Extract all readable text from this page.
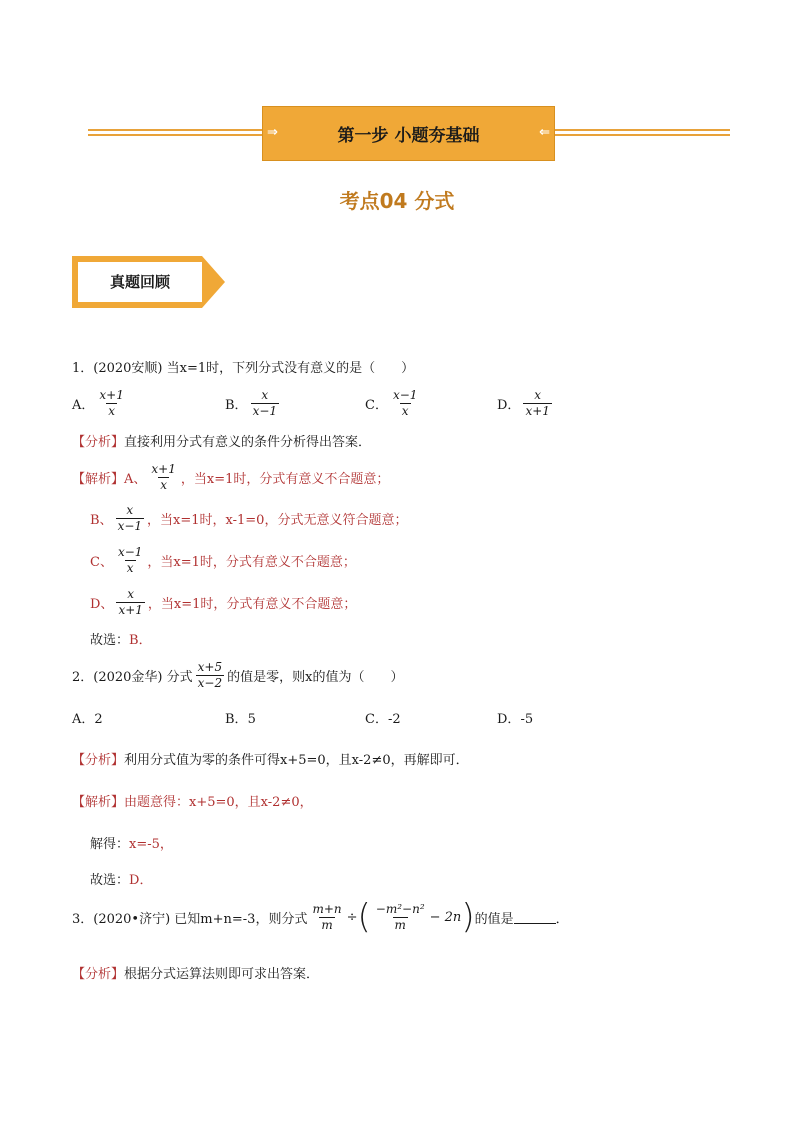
⇒	第一步 小题夯基础	⇐
考点04 分式
真题回顾
1．(2020安顺) 当x=1时，下列分式没有意义的是（　　）
A． $\frac{x+1}{x}$	B． $\frac{x}{x-1}$	C． $\frac{x-1}{x}$	D． $\frac{x}{x+1}$
【分析】直接利用分式有意义的条件分析得出答案．
【解析】 A、 $\frac{x+1}{x}$ ，当x=1时，分式有意义不合题意；
B、 $\frac{x}{x-1}$ ，当x=1时，x-1=0，分式无意义符合题意；
C、 $\frac{x-1}{x}$ ，当x=1时，分式有意义不合题意；
D、 $\frac{x}{x+1}$ ，当x=1时，分式有意义不合题意；
故选：B．
2．(2020金华) 分式 $\frac{x+5}{x-2}$ 的值是零，则x的值为（　　）
A．2	B．5	C．-2	D．-5
【分析】利用分式值为零的条件可得x+5=0，且x-2≠0，再解即可．
【解析】由题意得：x+5=0，且x-2≠0，
解得：x=-5，
故选：D．
3．(2020•济宁) 已知m+n=-3，则分式 $\frac{m+n}{m}$ ÷ ( $\frac{\text{−m²−n²}}{m} - 2n$ ) 的值是	．
【分析】根据分式运算法则即可求出答案．
